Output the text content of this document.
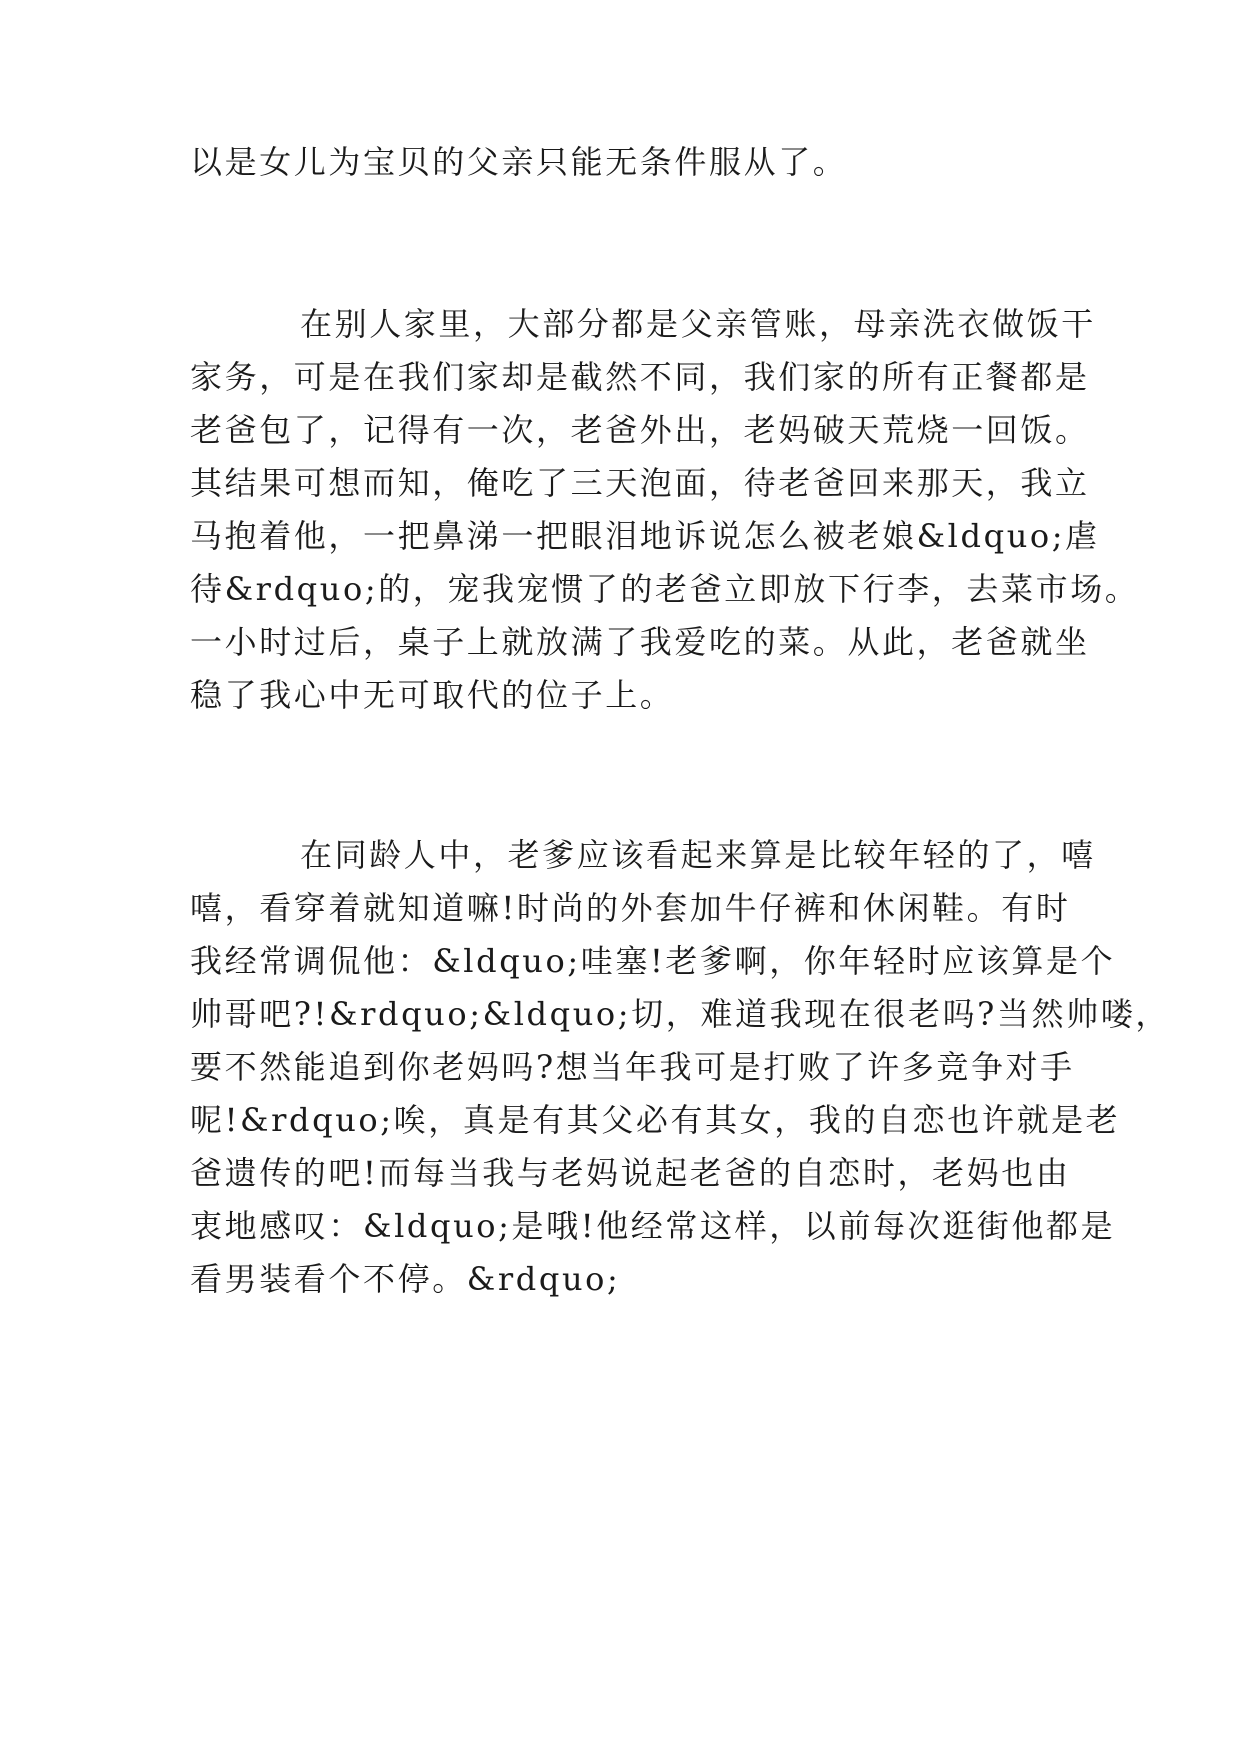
以是女儿为宝贝的父亲只能无条件服从了。

在别人家里，大部分都是父亲管账，母亲洗衣做饭干

家务，可是在我们家却是截然不同，我们家的所有正餐都是

老爸包了，记得有一次，老爸外出，老妈破天荒烧一回饭。

其结果可想而知，俺吃了三天泡面，待老爸回来那天，我立

马抱着他，一把鼻涕一把眼泪地诉说怎么被老娘&ldquo;虐

待&rdquo;的，宠我宠惯了的老爸立即放下行李，去菜市场。

一小时过后，桌子上就放满了我爱吃的菜。从此，老爸就坐

稳了我心中无可取代的位子上。

在同龄人中，老爹应该看起来算是比较年轻的了，嘻

嘻，看穿着就知道嘛!时尚的外套加牛仔裤和休闲鞋。有时

我经常调侃他：&ldquo;哇塞!老爹啊，你年轻时应该算是个

帅哥吧?!&rdquo;&ldquo;切，难道我现在很老吗?当然帅喽，

要不然能追到你老妈吗?想当年我可是打败了许多竞争对手

呢!&rdquo;唉，真是有其父必有其女，我的自恋也许就是老

爸遗传的吧!而每当我与老妈说起老爸的自恋时，老妈也由

衷地感叹：&ldquo;是哦!他经常这样，以前每次逛街他都是

看男装看个不停。&rdquo;
